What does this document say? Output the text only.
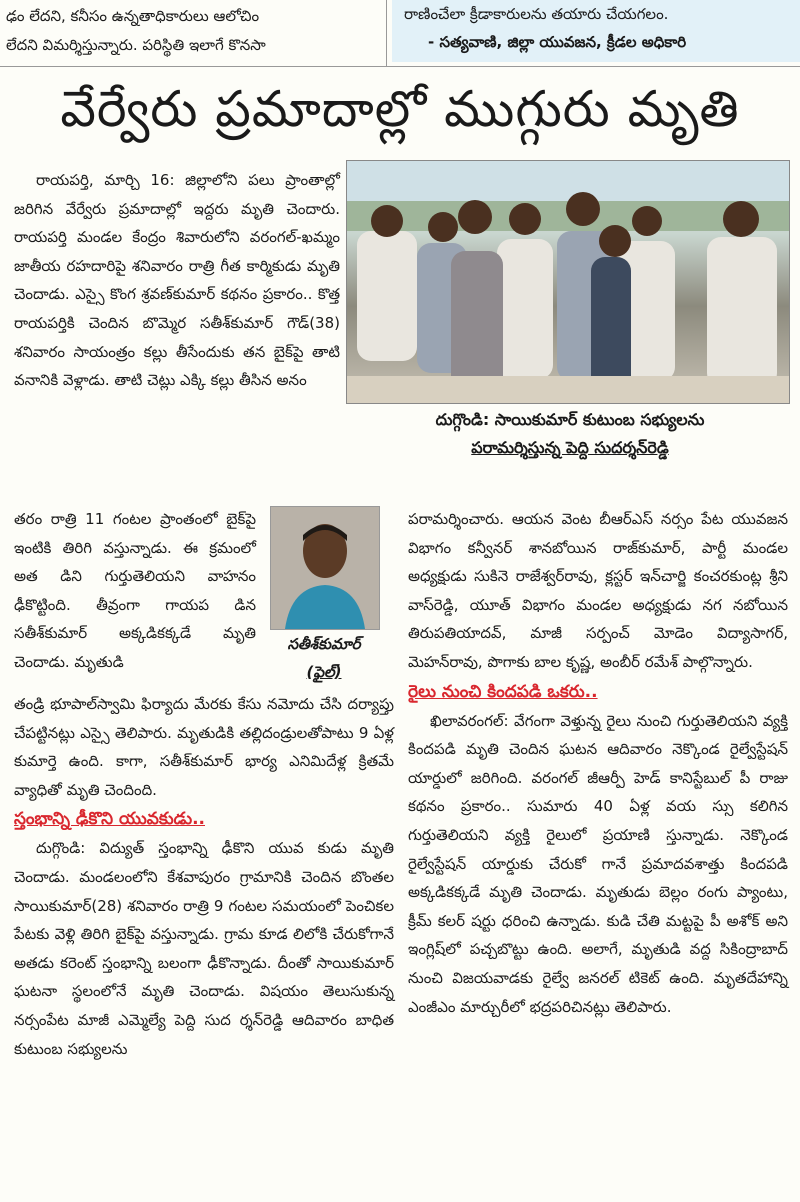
ఢం లేదని, కనీసం ఉన్నతాధికారులు ఆలోచిం

లేదని విమర్శిస్తున్నారు. పరిస్థితి ఇలాగే కొనసా

రాణించేలా క్రీడాకారులను తయారు చేయగలం.

- సత్యవాణి, జిల్లా యువజన, క్రీడల అధికారి

వేర్వేరు ప్రమాదాల్లో ముగ్గురు మృతి

రాయపర్తి, మార్చి 16: జిల్లాలోని పలు ప్రాంతాల్లో జరిగిన వేర్వేరు ప్రమాదాల్లో ఇద్దరు మృతి చెందారు. రాయపర్తి మండల కేంద్రం శివారులోని వరంగల్-ఖమ్మం జాతీయ రహదారిపై శనివారం రాత్రి గీత కార్మికుడు మృతి చెందాడు. ఎస్సై కొంగ శ్రవణ్‌కుమార్ కథనం ప్రకారం.. కొత్త రాయపర్తికి చెందిన బొమ్మెర సతీశ్‌కుమార్ గౌడ్(38) శనివారం సాయంత్రం కల్లు తీసేందుకు తన బైక్‌పై తాటి వనానికి వెళ్లాడు. తాటి చెట్లు ఎక్కి కల్లు తీసిన అనం

దుగ్గొండి: సాయికుమార్ కుటుంబ సభ్యులను

పరామర్శిస్తున్న పెద్ది సుదర్శన్‌రెడ్డి

తరం రాత్రి 11 గంటల ప్రాంతంలో బైక్‌పై ఇంటికి తిరిగి వస్తున్నాడు. ఈ క్రమంలో అత డిని గుర్తుతెలియని వాహనం ఢీకొట్టింది. తీవ్రంగా గాయప డిన సతీశ్‌కుమార్ అక్కడికక్కడే మృతి చెందాడు. మృతుడి

సతీశ్‌కుమార్
(ఫైల్)

తండ్రి భూపాల్‌స్వామి ఫిర్యాదు మేరకు కేసు నమోదు చేసి దర్యాప్తు చేపట్టినట్లు ఎస్సై తెలిపారు. మృతుడికి తల్లిదండ్రులతోపాటు 9 ఏళ్ల కుమార్తె ఉంది. కాగా, సతీశ్‌కుమార్ భార్య ఎనిమిదేళ్ల క్రితమే వ్యాధితో మృతి చెందింది.

స్తంభాన్ని ఢీకొని యువకుడు..

దుగ్గొండి: విద్యుత్ స్తంభాన్ని ఢీకొని యువ కుడు మృతి చెందాడు. మండలంలోని కేశవాపురం గ్రామానికి చెందిన బొంతల సాయికుమార్(28) శనివారం రాత్రి 9 గంటల సమయంలో పెంచికల పేటకు వెళ్లి తిరిగి బైక్‌పై వస్తున్నాడు. గ్రామ కూడ లిలోకి చేరుకోగానే అతడు కరెంట్ స్తంభాన్ని బలంగా ఢీకొన్నాడు. దీంతో సాయికుమార్ ఘటనా స్థలంలోనే మృతి చెందాడు. విషయం తెలుసుకున్న నర్సంపేట మాజీ ఎమ్మెల్యే పెద్ది సుద ర్శన్‌రెడ్డి ఆదివారం బాధిత కుటుంబ సభ్యులను

పరామర్శించారు. ఆయన వెంట బీఆర్‌ఎస్ నర్సం పేట యువజన విభాగం కన్వీనర్ శానబోయిన రాజ్‌కుమార్, పార్టీ మండల అధ్యక్షుడు సుకినె రాజేశ్వర్‌రావు, క్లస్టర్ ఇన్‌చార్జి కంచరకుంట్ల శ్రీని వాస్‌రెడ్డి, యూత్ విభాగం మండల అధ్యక్షుడు నగ నబోయిన తిరుపతియాదవ్, మాజీ సర్పంచ్ మోడెం విద్యాసాగర్, మెహన్‌రావు, పొగాకు బాల కృష్ణ, అంబీర్ రమేశ్ పాల్గొన్నారు.

రైలు నుంచి కిందపడి ఒకరు..

ఖిలావరంగల్: వేగంగా వెళ్తున్న రైలు నుంచి గుర్తుతెలియని వ్యక్తి కిందపడి మృతి చెందిన ఘటన ఆదివారం నెక్కొండ రైల్వేస్టేషన్ యార్డులో జరిగింది. వరంగల్ జీఆర్పీ హెడ్ కానిస్టేబుల్ పీ రాజు కథనం ప్రకారం.. సుమారు 40 ఏళ్ల వయ స్సు కలిగిన గుర్తుతెలియని వ్యక్తి రైలులో ప్రయాణి స్తున్నాడు. నెక్కొండ రైల్వేస్టేషన్ యార్డుకు చేరుకో గానే ప్రమాదవశాత్తు కిందపడి అక్కడికక్కడే మృతి చెందాడు. మృతుడు బెల్లం రంగు ప్యాంటు, క్రీమ్ కలర్ షర్టు ధరించి ఉన్నాడు. కుడి చేతి మట్టపై పీ అశోక్ అని ఇంగ్లిష్‌లో పచ్చబొట్టు ఉంది. అలాగే, మృతుడి వద్ద సికింద్రాబాద్ నుంచి విజయవాడకు రైల్వే జనరల్ టికెట్ ఉంది. మృతదేహాన్ని ఎంజీఎం మార్చురీలో భద్రపరిచినట్లు తెలిపారు.
